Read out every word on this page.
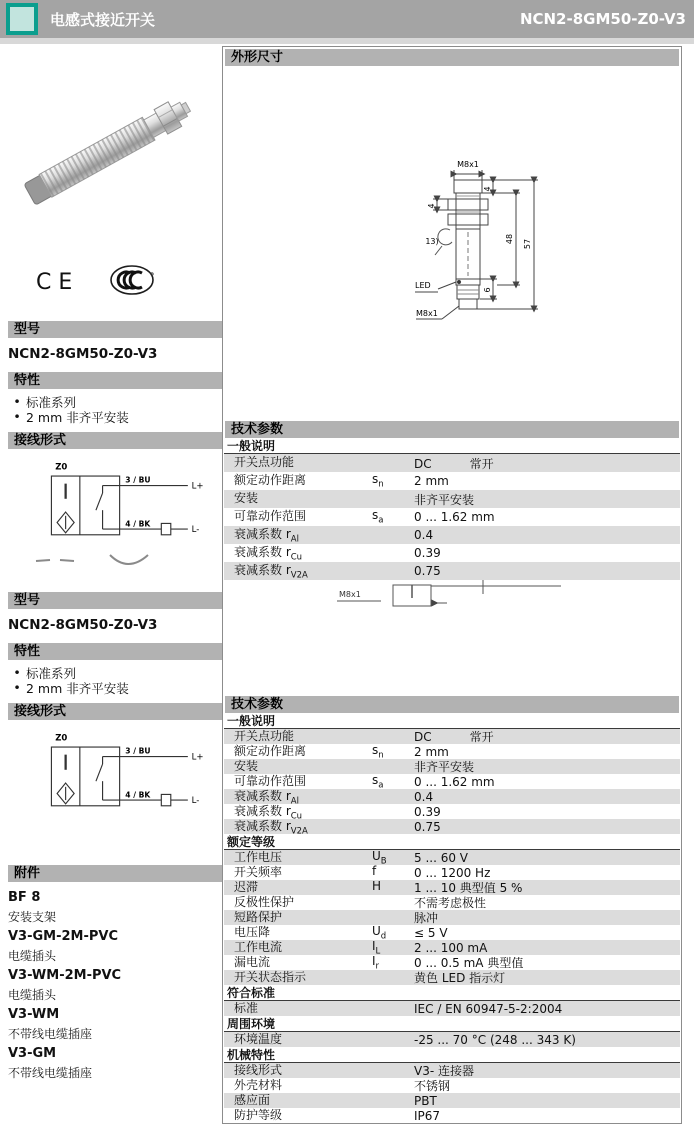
电感式接近开关	NCN2-8GM50-Z0-V3
CE
型号
NCN2-8GM50-Z0-V3
特性
• 标准系列
• 2 mm 非齐平安装
接线形式
Z0
3 / BU
4 / BK
L+
L-
型号
NCN2-8GM50-Z0-V3
特性
• 标准系列
• 2 mm 非齐平安装
接线形式
Z0
3 / BU
4 / BK
L+
L-
附件
BF 8
安装支架
V3-GM-2M-PVC
电缆插头
V3-WM-2M-PVC
电缆插头
V3-WM
不带线电缆插座
V3-GM
不带线电缆插座
外形尺寸
M8x1
4
4
13)	48 57
6
LED
M8x1
技术参数
一般说明
开关点功能	DC	常开
额定动作距离	$s_n$	2 mm
安装	非齐平安装
可靠动作范围	$s_a$	0 ... 1.62 mm
衰减系数 $r_{Al}$	0.4
衰减系数 $r_{Cu}$	0.39
衰减系数 $r_{V2A}$	0.75
M8x1
技术参数
一般说明
开关点功能	DC	常开
额定动作距离	$s_n$	2 mm
安装	非齐平安装
可靠动作范围	$s_a$	0 ... 1.62 mm
衰减系数 $r_{Al}$	0.4
衰减系数 $r_{Cu}$	0.39
衰减系数 $r_{V2A}$	0.75
额定等级
工作电压	$U_B$	5 ... 60 V
开关频率	f	0 ... 1200 Hz
迟滞	H	1 ... 10 典型值 5 %
反极性保护	不需考虑极性
短路保护	脉冲
电压降	$U_d$	≤ 5 V
工作电流	$I_L$	2 ... 100 mA
漏电流	$I_r$	0 ... 0.5 mA 典型值
开关状态指示	黄色 LED 指示灯
符合标准
标准	IEC / EN 60947-5-2:2004
周围环境
环境温度	-25 ... 70 °C (248 ... 343 K)
机械特性
接线形式	V3- 连接器
外壳材料	不锈钢
感应面	PBT
防护等级	IP67
